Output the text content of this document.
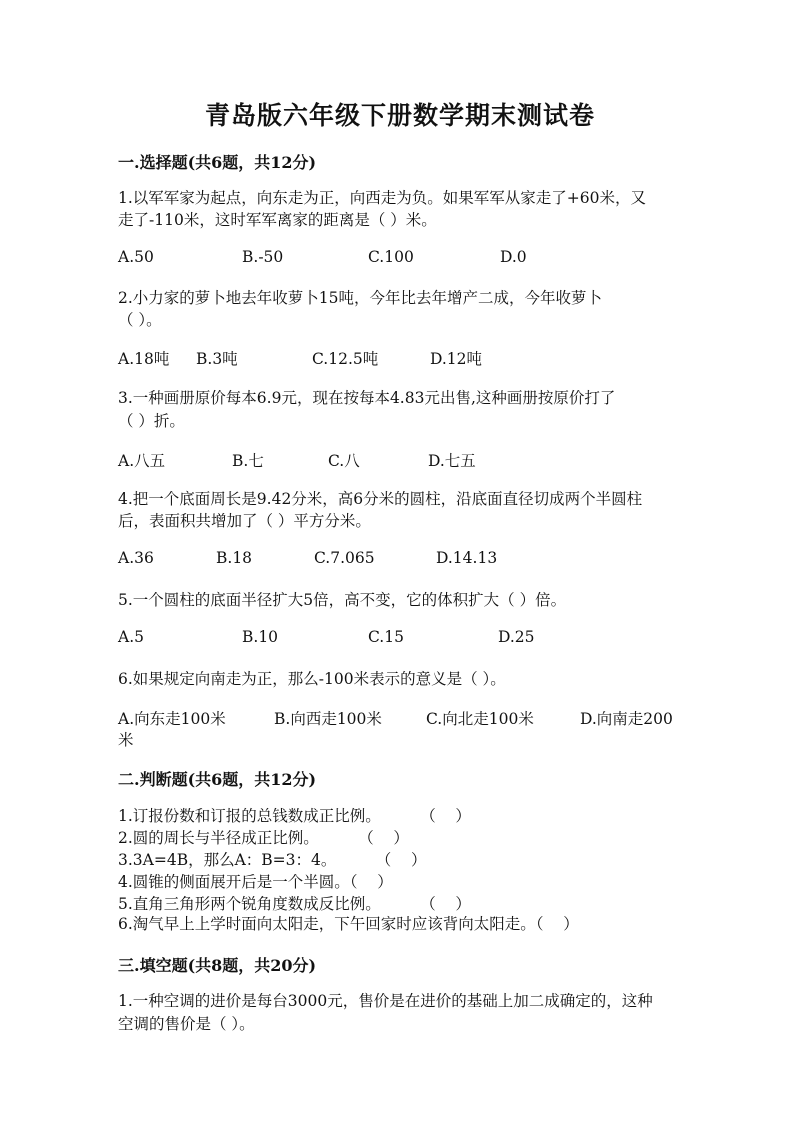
青岛版六年级下册数学期末测试卷
一.选择题(共6题，共12分)
1.以军军家为起点，向东走为正，向西走为负。如果军军从家走了+60米，又
走了-110米，这时军军离家的距离是（ ）米。
A.50	B.-50	C.100	D.0
2.小力家的萝卜地去年收萝卜15吨，今年比去年增产二成，今年收萝卜
（ ）。
A.18吨 B.3吨	C.12.5吨	D.12吨
3.一种画册原价每本6.9元，现在按每本4.83元出售,这种画册按原价打了
（ ）折。
A.八五	B.七	C.八	D.七五
4.把一个底面周长是9.42分米，高6分米的圆柱，沿底面直径切成两个半圆柱
后，表面积共增加了（ ）平方分米。
A.36	B.18	C.7.065	D.14.13
5.一个圆柱的底面半径扩大5倍，高不变，它的体积扩大（ ）倍。
A.5	B.10	C.15	D.25
6.如果规定向南走为正，那么-100米表示的意义是（ ）。
A.向东走100米	B.向西走100米	C.向北走100米	D.向南走200
米
二.判断题(共6题，共12分)
1.订报份数和订报的总钱数成正比例。        （    ）
2.圆的周长与半径成正比例。        （    ）
3.3A=4B，那么A：B=3：4。        （    ）
4.圆锥的侧面展开后是一个半圆。（    ）
5.直角三角形两个锐角度数成反比例。        （    ）
6.淘气早上上学时面向太阳走，下午回家时应该背向太阳走。（    ）
三.填空题(共8题，共20分)
1.一种空调的进价是每台3000元，售价是在进价的基础上加二成确定的，这种
空调的售价是（ ）。
